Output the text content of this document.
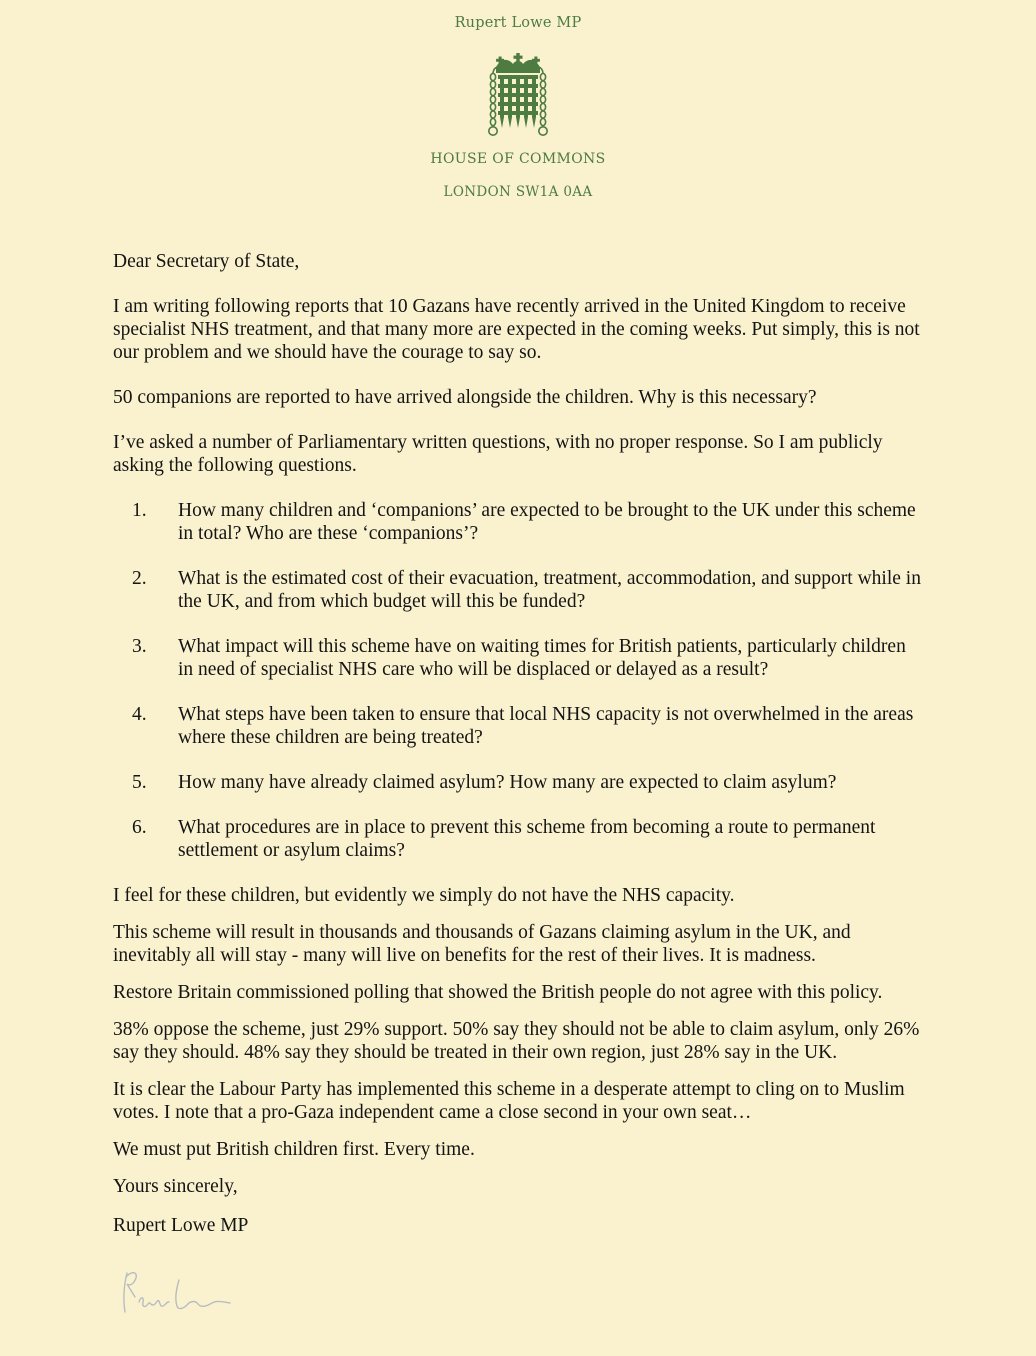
Rupert Lowe MP
HOUSE OF COMMONS
LONDON SW1A 0AA

Dear Secretary of State,

I am writing following reports that 10 Gazans have recently arrived in the United Kingdom to receive specialist NHS treatment, and that many more are expected in the coming weeks. Put simply, this is not our problem and we should have the courage to say so.

50 companions are reported to have arrived alongside the children. Why is this necessary?

I’ve asked a number of Parliamentary written questions, with no proper response. So I am publicly asking the following questions.

1.	How many children and ‘companions’ are expected to be brought to the UK under this scheme in total? Who are these ‘companions’?
2.	What is the estimated cost of their evacuation, treatment, accommodation, and support while in the UK, and from which budget will this be funded?
3.	What impact will this scheme have on waiting times for British patients, particularly children in need of specialist NHS care who will be displaced or delayed as a result?
4.	What steps have been taken to ensure that local NHS capacity is not overwhelmed in the areas where these children are being treated?
5.	How many have already claimed asylum? How many are expected to claim asylum?
6.	What procedures are in place to prevent this scheme from becoming a route to permanent settlement or asylum claims?

I feel for these children, but evidently we simply do not have the NHS capacity.

This scheme will result in thousands and thousands of Gazans claiming asylum in the UK, and inevitably all will stay - many will live on benefits for the rest of their lives. It is madness.

Restore Britain commissioned polling that showed the British people do not agree with this policy.

38% oppose the scheme, just 29% support. 50% say they should not be able to claim asylum, only 26% say they should. 48% say they should be treated in their own region, just 28% say in the UK.

It is clear the Labour Party has implemented this scheme in a desperate attempt to cling on to Muslim votes. I note that a pro-Gaza independent came a close second in your own seat…

We must put British children first. Every time.

Yours sincerely,

Rupert Lowe MP
